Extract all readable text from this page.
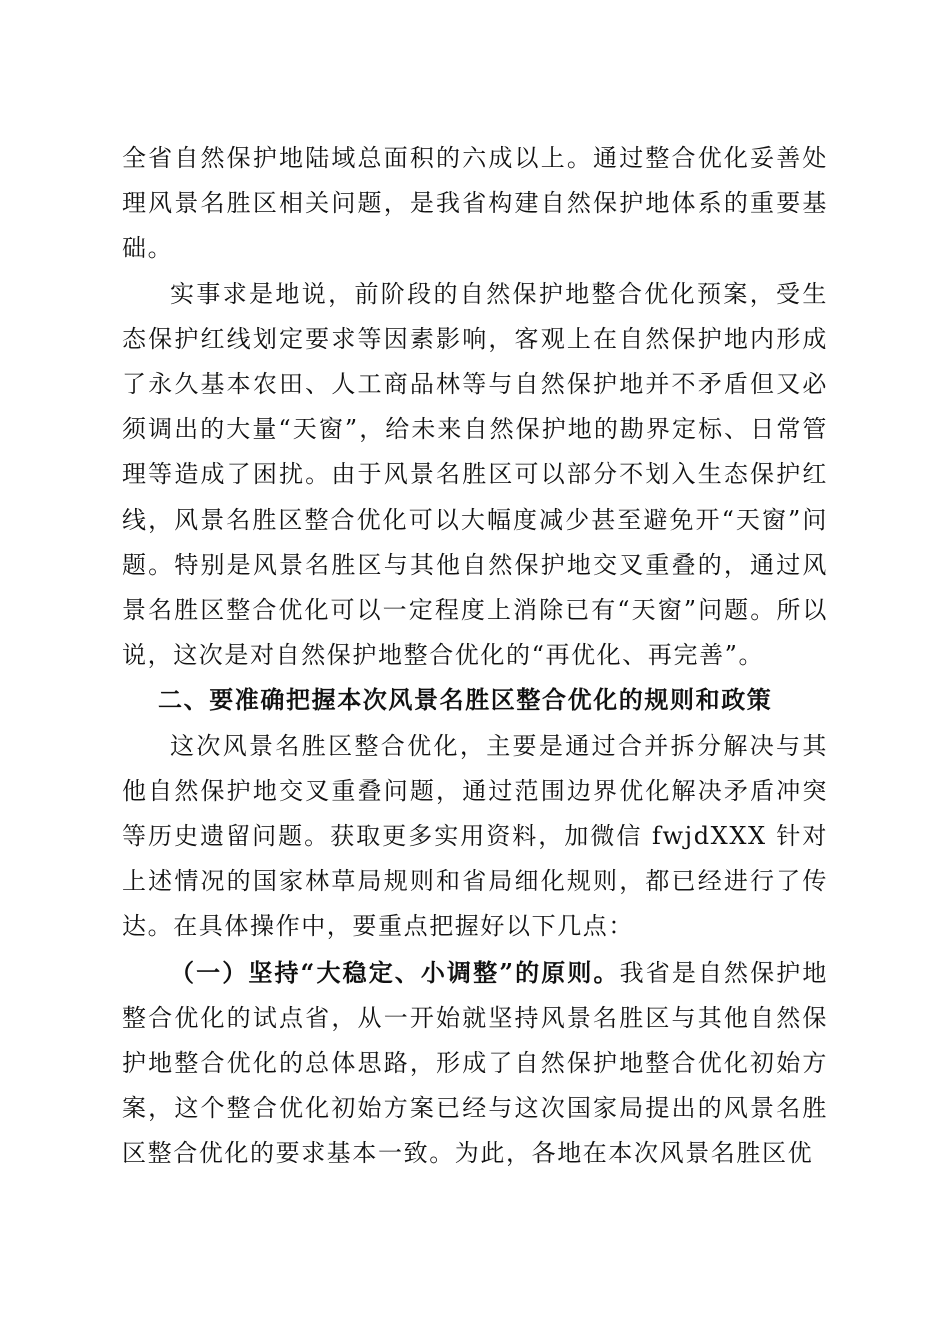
全省自然保护地陆域总面积的六成以上。通过整合优化妥善处理风景名胜区相关问题，是我省构建自然保护地体系的重要基础。

实事求是地说，前阶段的自然保护地整合优化预案，受生态保护红线划定要求等因素影响，客观上在自然保护地内形成了永久基本农田、人工商品林等与自然保护地并不矛盾但又必须调出的大量“天窗”，给未来自然保护地的勘界定标、日常管理等造成了困扰。由于风景名胜区可以部分不划入生态保护红线，风景名胜区整合优化可以大幅度减少甚至避免开“天窗”问题。特别是风景名胜区与其他自然保护地交叉重叠的，通过风景名胜区整合优化可以一定程度上消除已有“天窗”问题。所以说，这次是对自然保护地整合优化的“再优化、再完善”。

二、要准确把握本次风景名胜区整合优化的规则和政策

这次风景名胜区整合优化，主要是通过合并拆分解决与其他自然保护地交叉重叠问题，通过范围边界优化解决矛盾冲突等历史遗留问题。获取更多实用资料，加微信 fwjdXXX 针对上述情况的国家林草局规则和省局细化规则，都已经进行了传达。在具体操作中，要重点把握好以下几点：

（一）坚持“大稳定、小调整”的原则。我省是自然保护地整合优化的试点省，从一开始就坚持风景名胜区与其他自然保护地整合优化的总体思路，形成了自然保护地整合优化初始方案，这个整合优化初始方案已经与这次国家局提出的风景名胜区整合优化的要求基本一致。为此，各地在本次风景名胜区优
